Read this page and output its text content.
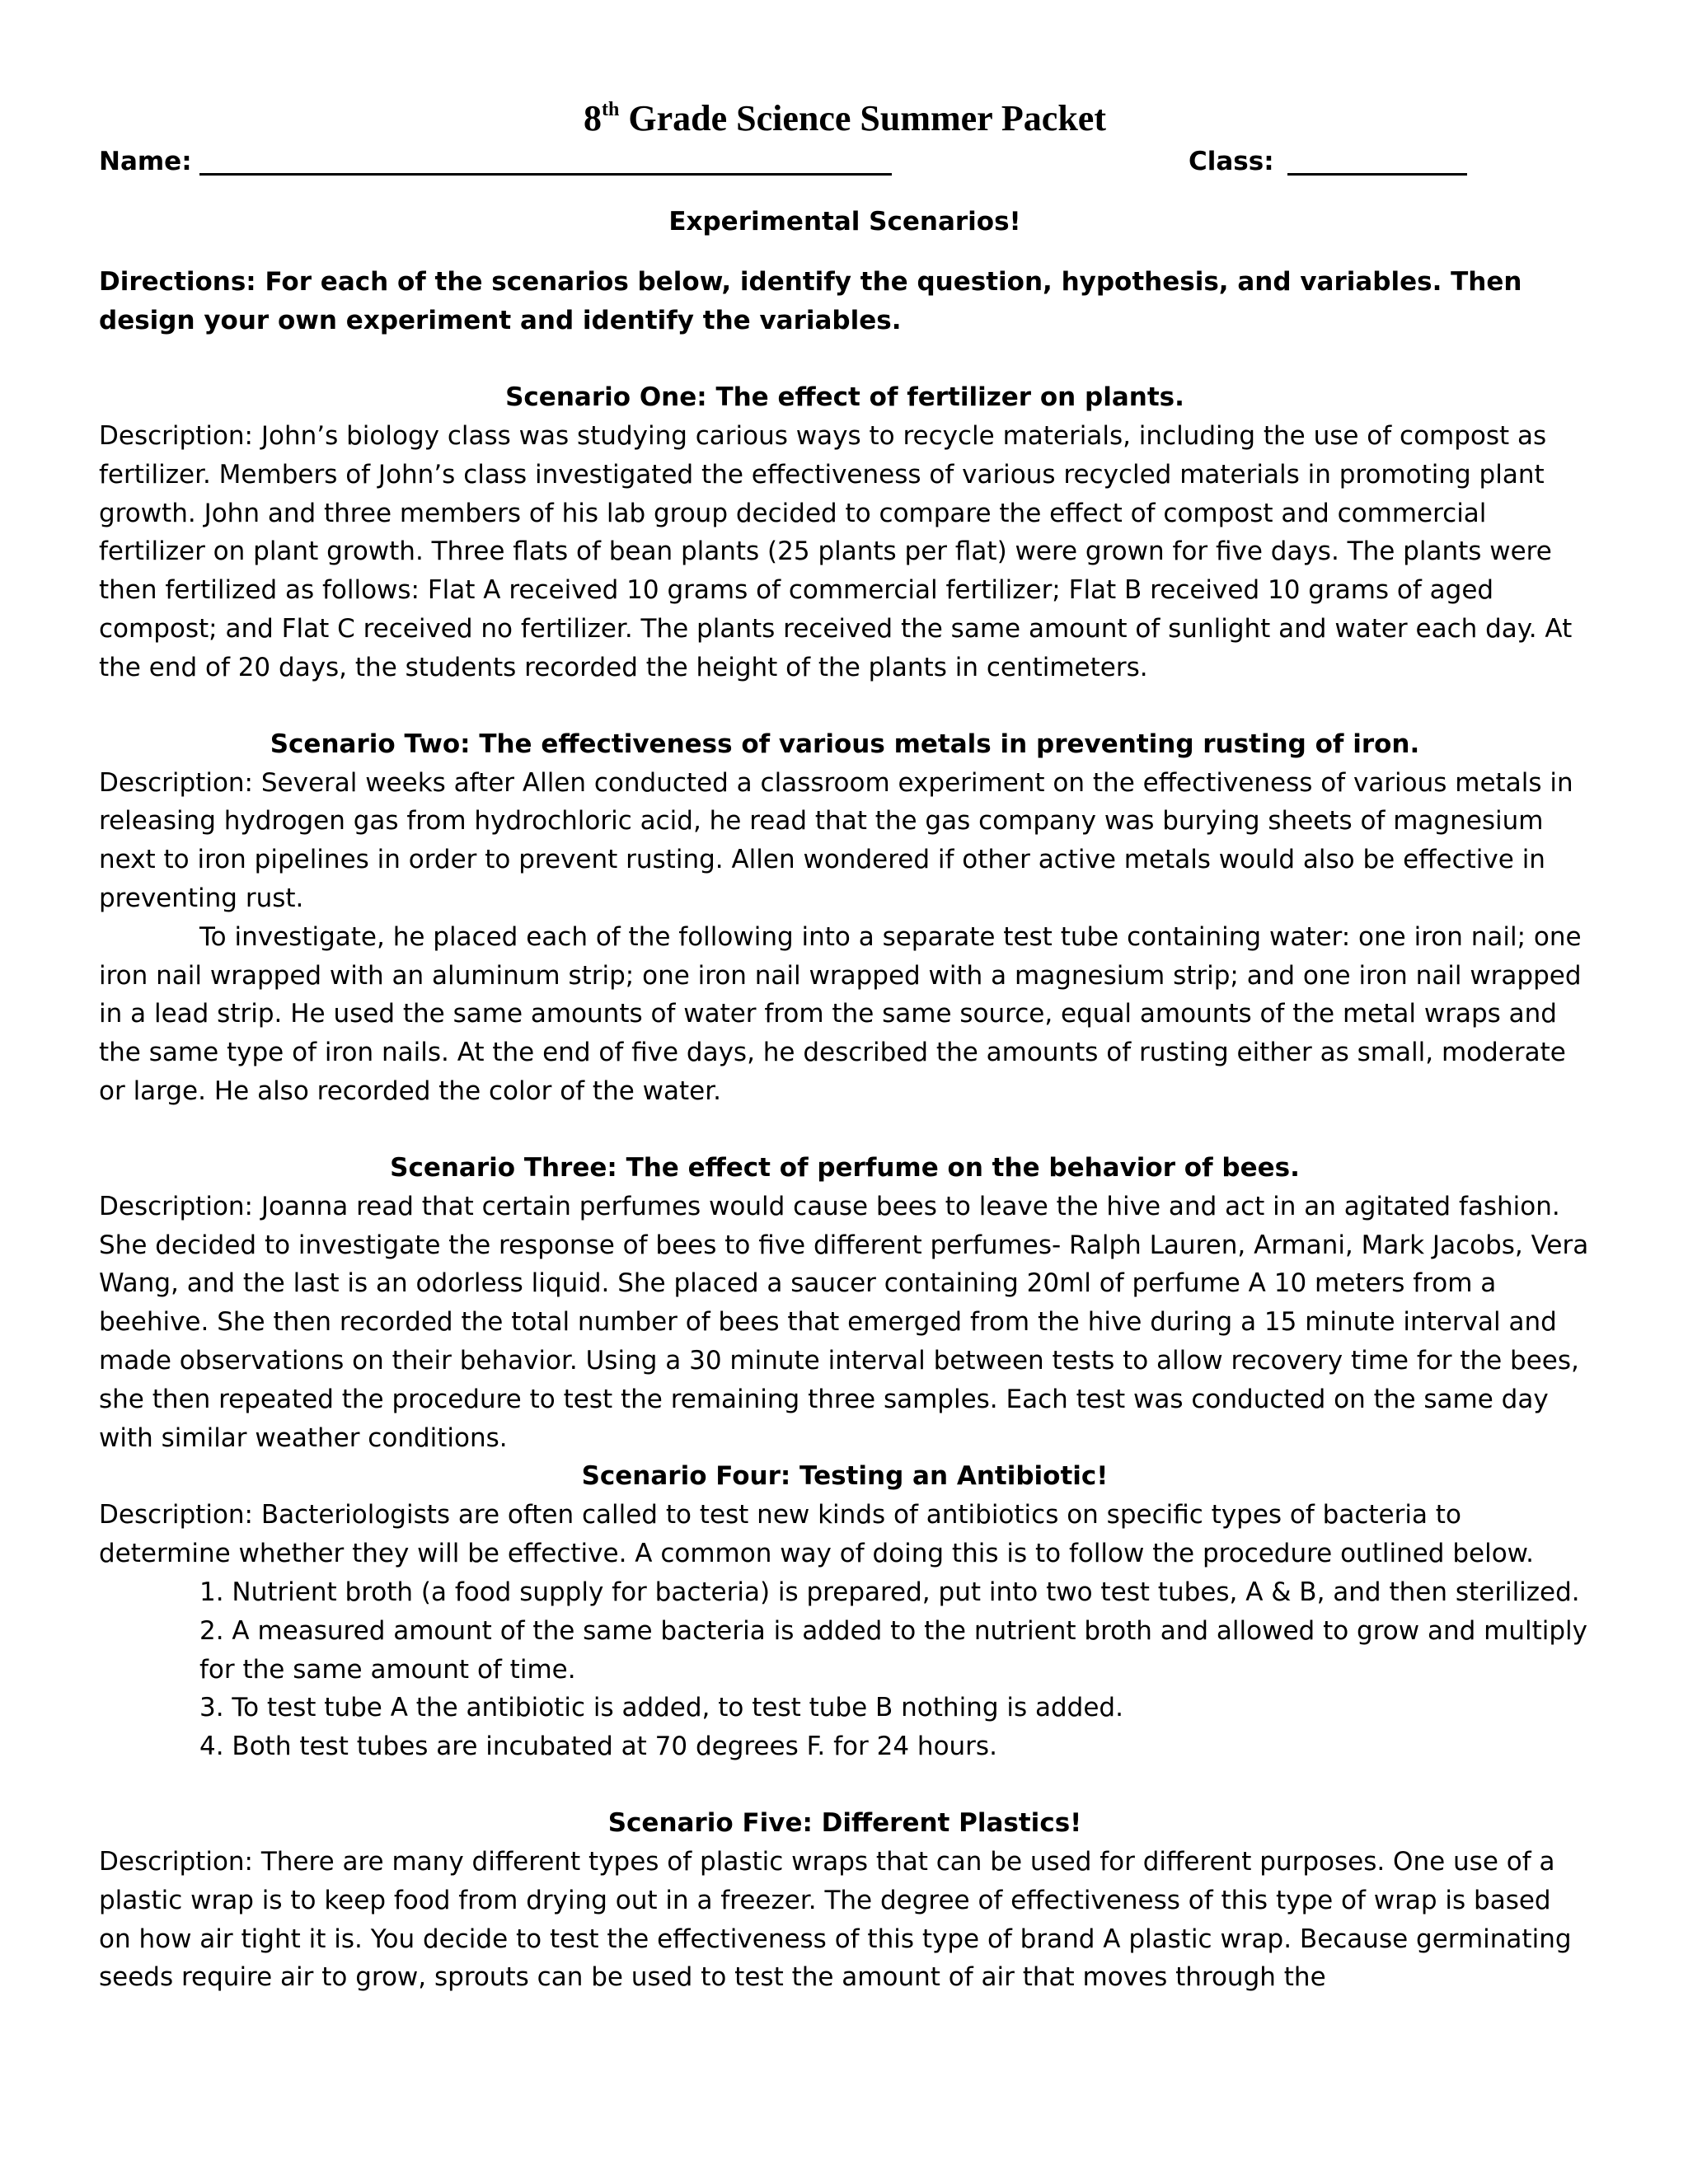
8th Grade Science Summer Packet
Name:	Class:

Experimental Scenarios!

Directions: For each of the scenarios below, identify the question, hypothesis, and variables. Then design your own experiment and identify the variables.

Scenario One: The effect of fertilizer on plants.

Description: John’s biology class was studying carious ways to recycle materials, including the use of compost as fertilizer. Members of John’s class investigated the effectiveness of various recycled materials in promoting plant growth. John and three members of his lab group decided to compare the effect of compost and commercial fertilizer on plant growth. Three flats of bean plants (25 plants per flat) were grown for five days. The plants were then fertilized as follows: Flat A received 10 grams of commercial fertilizer; Flat B received 10 grams of aged compost; and Flat C received no fertilizer. The plants received the same amount of sunlight and water each day. At the end of 20 days, the students recorded the height of the plants in centimeters.

Scenario Two: The effectiveness of various metals in preventing rusting of iron.

Description: Several weeks after Allen conducted a classroom experiment on the effectiveness of various metals in releasing hydrogen gas from hydrochloric acid, he read that the gas company was burying sheets of magnesium next to iron pipelines in order to prevent rusting. Allen wondered if other active metals would also be effective in preventing rust.

To investigate, he placed each of the following into a separate test tube containing water: one iron nail; one iron nail wrapped with an aluminum strip; one iron nail wrapped with a magnesium strip; and one iron nail wrapped in a lead strip. He used the same amounts of water from the same source, equal amounts of the metal wraps and the same type of iron nails. At the end of five days, he described the amounts of rusting either as small, moderate or large. He also recorded the color of the water.

Scenario Three: The effect of perfume on the behavior of bees.

Description: Joanna read that certain perfumes would cause bees to leave the hive and act in an agitated fashion. She decided to investigate the response of bees to five different perfumes- Ralph Lauren, Armani, Mark Jacobs, Vera Wang, and the last is an odorless liquid. She placed a saucer containing 20ml of perfume A 10 meters from a beehive. She then recorded the total number of bees that emerged from the hive during a 15 minute interval and made observations on their behavior. Using a 30 minute interval between tests to allow recovery time for the bees, she then repeated the procedure to test the remaining three samples. Each test was conducted on the same day with similar weather conditions.

Scenario Four: Testing an Antibiotic!

Description: Bacteriologists are often called to test new kinds of antibiotics on specific types of bacteria to determine whether they will be effective. A common way of doing this is to follow the procedure outlined below.

1. Nutrient broth (a food supply for bacteria) is prepared, put into two test tubes, A & B, and then sterilized.

2. A measured amount of the same bacteria is added to the nutrient broth and allowed to grow and multiply for the same amount of time.

3. To test tube A the antibiotic is added, to test tube B nothing is added.

4. Both test tubes are incubated at 70 degrees F. for 24 hours.

Scenario Five: Different Plastics!

Description: There are many different types of plastic wraps that can be used for different purposes. One use of a plastic wrap is to keep food from drying out in a freezer. The degree of effectiveness of this type of wrap is based on how air tight it is. You decide to test the effectiveness of this type of brand A plastic wrap. Because germinating seeds require air to grow, sprouts can be used to test the amount of air that moves through the
